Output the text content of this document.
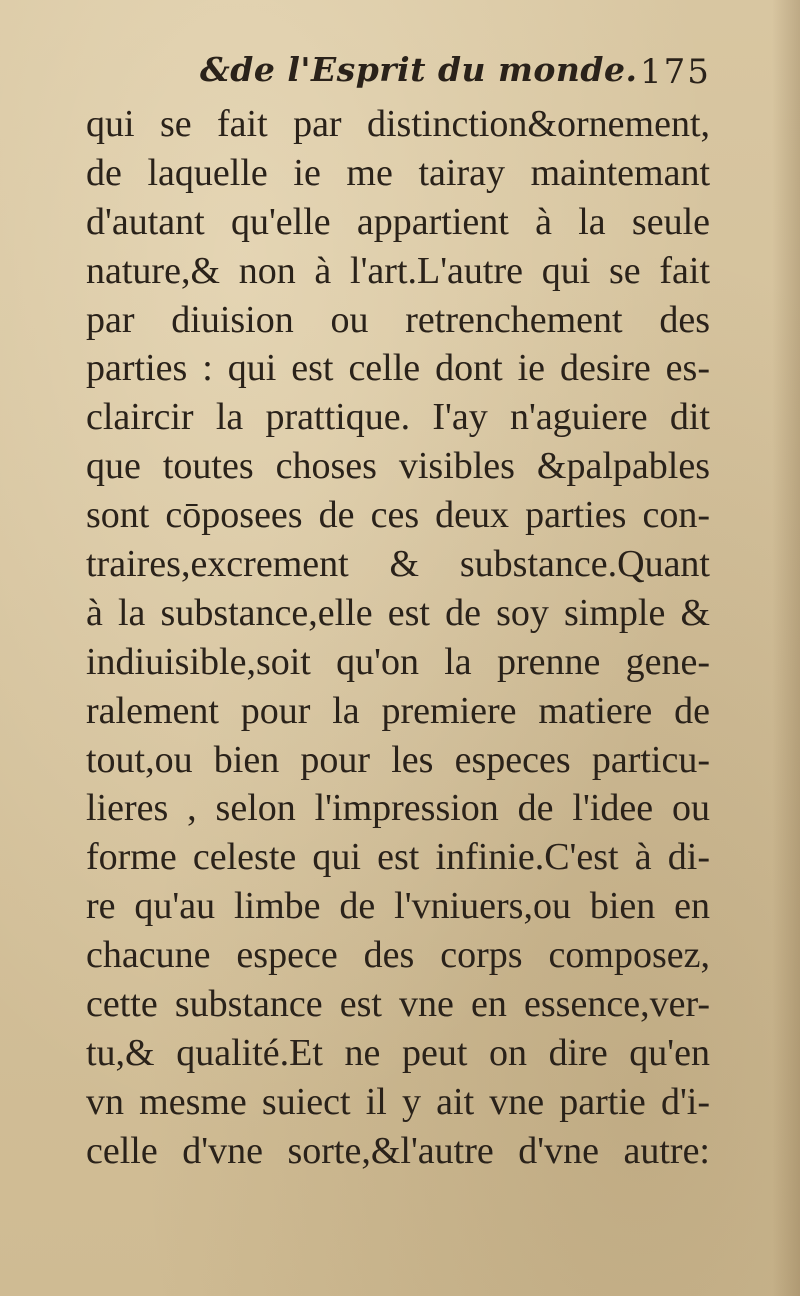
&de l'Esprit du monde. 175
qui se fait par distinction&ornement,
de laquelle ie me tairay maintemant
d'autant qu'elle appartient à la seule
nature,& non à l'art.L'autre qui se fait
par diuision ou retrenchement des
parties : qui est celle dont ie desire es-
claircir la prattique. I'ay n'aguiere dit
que toutes choses visibles &palpables
sont cōposees de ces deux parties con-
traires,excrement & substance.Quant
à la substance,elle est de soy simple &
indiuisible,soit qu'on la prenne gene-
ralement pour la premiere matiere de
tout,ou bien pour les especes particu-
lieres , selon l'impression de l'idee ou
forme celeste qui est infinie.C'est à di-
re qu'au limbe de l'vniuers,ou bien en
chacune espece des corps composez,
cette substance est vne en essence,ver-
tu,& qualité.Et ne peut on dire qu'en
vn mesme suiect il y ait vne partie d'i-
celle d'vne sorte,&l'autre d'vne autre:
